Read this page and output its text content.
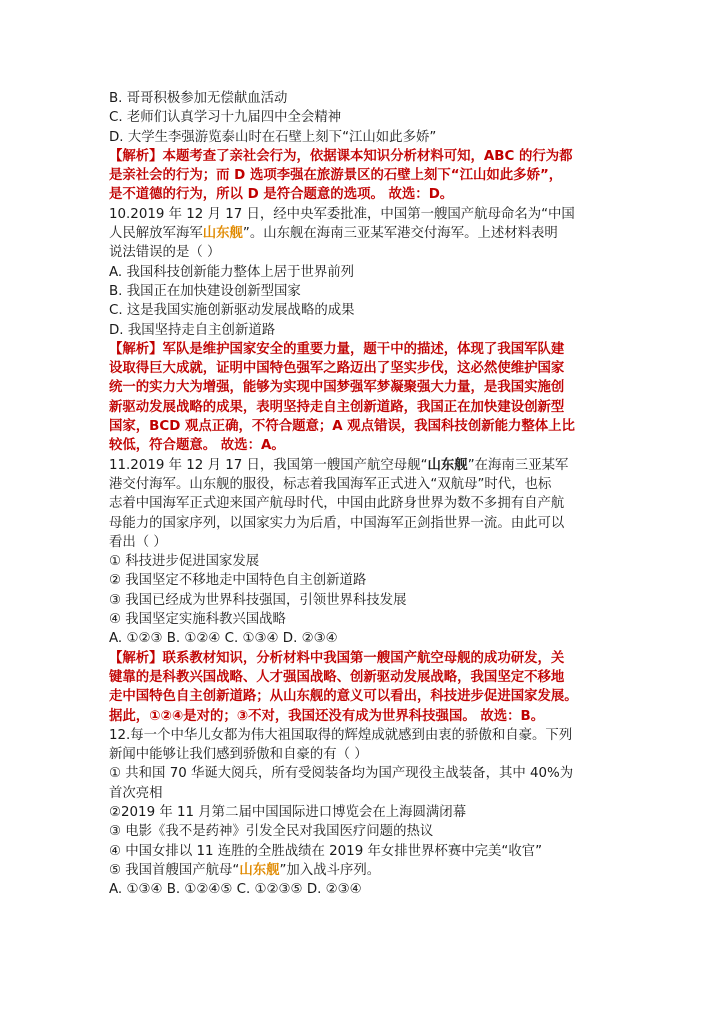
B. 哥哥积极参加无偿献血活动
C. 老师们认真学习十九届四中全会精神
D. 大学生李强游览泰山时在石壁上刻下“江山如此多娇”
【解析】本题考查了亲社会行为，依据课本知识分析材料可知，ABC 的行为都
是亲社会的行为；而 D 选项李强在旅游景区的石壁上刻下“江山如此多娇”，
是不道德的行为，所以 D 是符合题意的选项。 故选：D。
10.2019 年 12 月 17 日，经中央军委批准，中国第一艘国产航母命名为“中国
人民解放军海军山东舰”。山东舰在海南三亚某军港交付海军。上述材料表明
说法错误的是（ ）
A. 我国科技创新能力整体上居于世界前列
B. 我国正在加快建设创新型国家
C. 这是我国实施创新驱动发展战略的成果
D. 我国坚持走自主创新道路
【解析】军队是维护国家安全的重要力量，题干中的描述，体现了我国军队建
设取得巨大成就，证明中国特色强军之路迈出了坚实步伐，这必然使维护国家
统一的实力大为增强，能够为实现中国梦强军梦凝聚强大力量，是我国实施创
新驱动发展战略的成果，表明坚持走自主创新道路，我国正在加快建设创新型
国家，BCD 观点正确，不符合题意；A 观点错误，我国科技创新能力整体上比
较低，符合题意。 故选：A。
11.2019 年 12 月 17 日，我国第一艘国产航空母舰“山东舰”在海南三亚某军
港交付海军。山东舰的服役，标志着我国海军正式进入“双航母”时代，也标
志着中国海军正式迎来国产航母时代，中国由此跻身世界为数不多拥有自产航
母能力的国家序列，以国家实力为后盾，中国海军正剑指世界一流。由此可以
看出（ ）
① 科技进步促进国家发展
② 我国坚定不移地走中国特色自主创新道路
③ 我国已经成为世界科技强国，引领世界科技发展
④ 我国坚定实施科教兴国战略
A. ①②③ B. ①②④ C. ①③④ D. ②③④
【解析】联系教材知识，分析材料中我国第一艘国产航空母舰的成功研发，关
键靠的是科教兴国战略、人才强国战略、创新驱动发展战略，我国坚定不移地
走中国特色自主创新道路；从山东舰的意义可以看出，科技进步促进国家发展。
据此，①②④是对的；③不对，我国还没有成为世界科技强国。 故选：B。
12.每一个中华儿女都为伟大祖国取得的辉煌成就感到由衷的骄傲和自豪。下列
新闻中能够让我们感到骄傲和自豪的有（ ）
① 共和国 70 华诞大阅兵，所有受阅装备均为国产现役主战装备，其中 40%为
首次亮相
②2019 年 11 月第二届中国国际进口博览会在上海圆满闭幕
③ 电影《我不是药神》引发全民对我国医疗问题的热议
④ 中国女排以 11 连胜的全胜战绩在 2019 年女排世界杯赛中完美“收官”
⑤ 我国首艘国产航母“山东舰”加入战斗序列。
A. ①③④ B. ①②④⑤ C. ①②③⑤ D. ②③④
